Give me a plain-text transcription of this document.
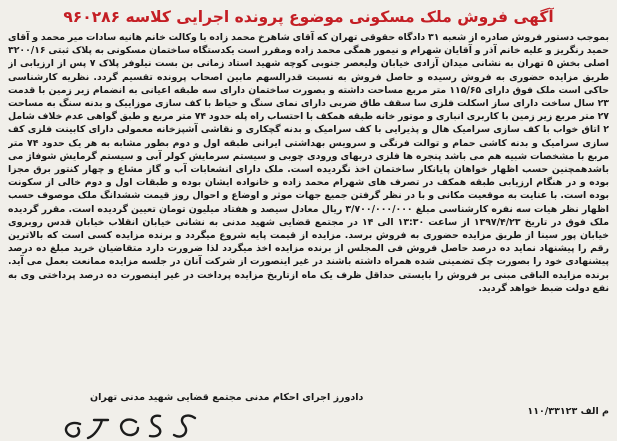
آگهی فروش ملک مسکونی موضوع پرونده اجرایی کلاسه ۹۶۰۲۸۶

بموجب دستور فروش صادره از شعبه ۳۱ دادگاه حقوقی تهران که آقای شاهرخ محمد زاده با وکالت خانم هانیه سادات میر محمد و آقای حمید رنگریز و علیه خانم آذر و آقایان شهرام و نیمور همگی محمد زاده ومقرر است یکدستگاه ساختمان مسکونی به پلاک ثبتی ۳۲۰۰/۱۶ اصلی بخش ۵ تهران به نشانی میدان آزادی خیابان ولیعصر جنوبی کوچه شهید استاد زمانی بن بست نیلوفر پلاک ۷ پس از ارزیابی از طریق مزایده حضوری به فروش رسیده و حاصل فروش به نسبت قدرالسهم مابین اصحاب پرونده تقسیم گردد. نظریه کارشناسی حاکی است ملک فوق دارای ۱۱۵/۶۵ متر مربع مساحت داشته و بصورت ساختمان دارای سه طبقه اعیانی به انضمام زیر زمین با قدمت ۲۳ سال ساخت دارای ساز اسکلت فلزی سا سقف طاق ضربی دارای نمای سنگ و حیاط با کف سازی موزاییک و بدنه سنگ به مساحت ۲۷ متر مربع زیر زمین با کاربری انباری و موتور خانه طبقه همکف با احتساب راه پله حدود ۷۴ متر مربع و طبق گواهی عدم خلاف شامل ۲ اتاق خواب با کف سازی سرامیک هال و پذیرایی با کف سرامیک و بدنه گچکاری و نقاشی آشپزخانه معمولی دارای کابینت فلزی کف سازی سرامیک و بدنه کاشی حمام و توالت فرنگی و سرویس بهداشتی ایرانی طبقه اول و دوم بطور مشابه به هر یک حدود ۷۴ متر مربع با مشخصات شبیه هم می باشد پنجره ها فلزی دربهای ورودی چوبی و سیستم سرمایش کولر آبی و سیستم گرمایش شوفاژ می باشدهمچنین حسب اظهار خواهان پایانکار ساختمان اخذ نگردیده است. ملک دارای انشعابات آب و گاز مشاع و چهار کنتور برق مجزا بوده و در هنگام ارزیابی طبقه همکف در تصرف های شهرام محمد زاده و خانواده ایشان بوده و طبقات اول و دوم خالی از سکونت بوده است. با عنایت به موقعیت مکانی و با در نظر گرفتن جمیع جهات موثر و اوضاع و احوال روز قیمت ششدانگ ملک موصوف حسب اظهار نظر هیات سه نفره کارشناسی مبلغ ۳/۷۰۰/۰۰۰/۰۰۰ ریال معادل سیصد و هفتاد میلیون تومان تعیین گردیده است. مقرر گردیده ملک فوق در تاریخ ۱۳۹۷/۴/۲۳ از ساعت ۱۳:۳۰ الی ۱۴ در مجتمع قضایی شهید مدنی به نشانی خیابان انقلاب خیابان قدس روبروی خیابان پور سینا از طریق مزایده حضوری به فروش برسد. مزایده از قیمت پایه شروع میگردد و برنده مزایده کسی است که بالاترین رقم را پیشنهاد نماید ده درصد حاصل فروش فی المجلس از برنده مزایده اخذ میگردد لذا ضرورت دارد متقاضیان خرید مبلغ ده درصد پیشنهادی خود را بصورت چک تضمینی شده همراه داشته باشند در غیر اینصورت از شرکت آنان در جلسه مزایده ممانعت بعمل می آید. برنده مزایده الباقی مبنی بر فروش را بایستی حداقل ظرف یک ماه ازتاریخ مزایده پرداخت در غیر اینصورت ده درصد پرداختی وی به نفع دولت ضبط خواهد گردید.

دادورز اجرای احکام مدنی مجتمع قضایی شهید مدنی تهران
۱۱۰/۳۳۱۲۳ م الف
